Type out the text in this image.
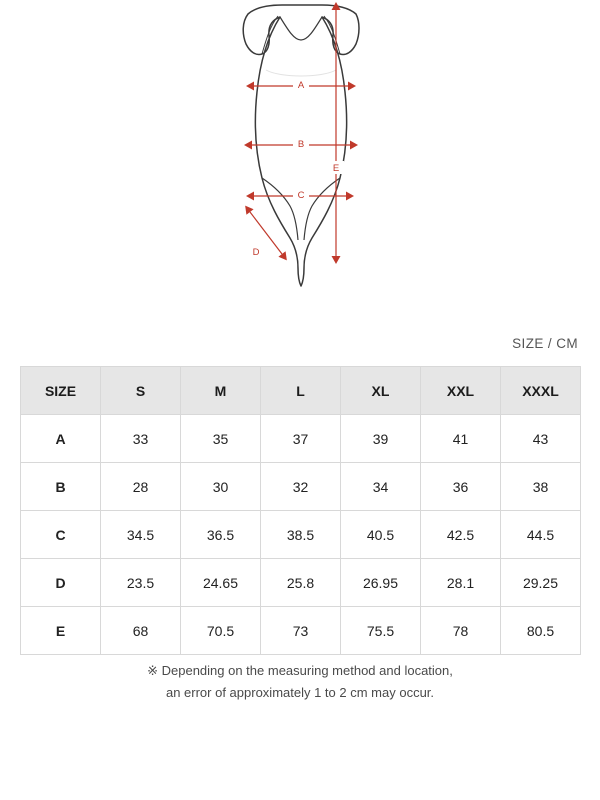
A
B
C
D
E
SIZE / CM
SIZE	S	M	L	XL	XXL	XXXL
A	33	35	37	39	41	43
B	28	30	32	34	36	38
C	34.5	36.5	38.5	40.5	42.5	44.5
D	23.5	24.65	25.8	26.95	28.1	29.25
E	68	70.5	73	75.5	78	80.5
※ Depending on the measuring method and location,
an error of approximately 1 to 2 cm may occur.
